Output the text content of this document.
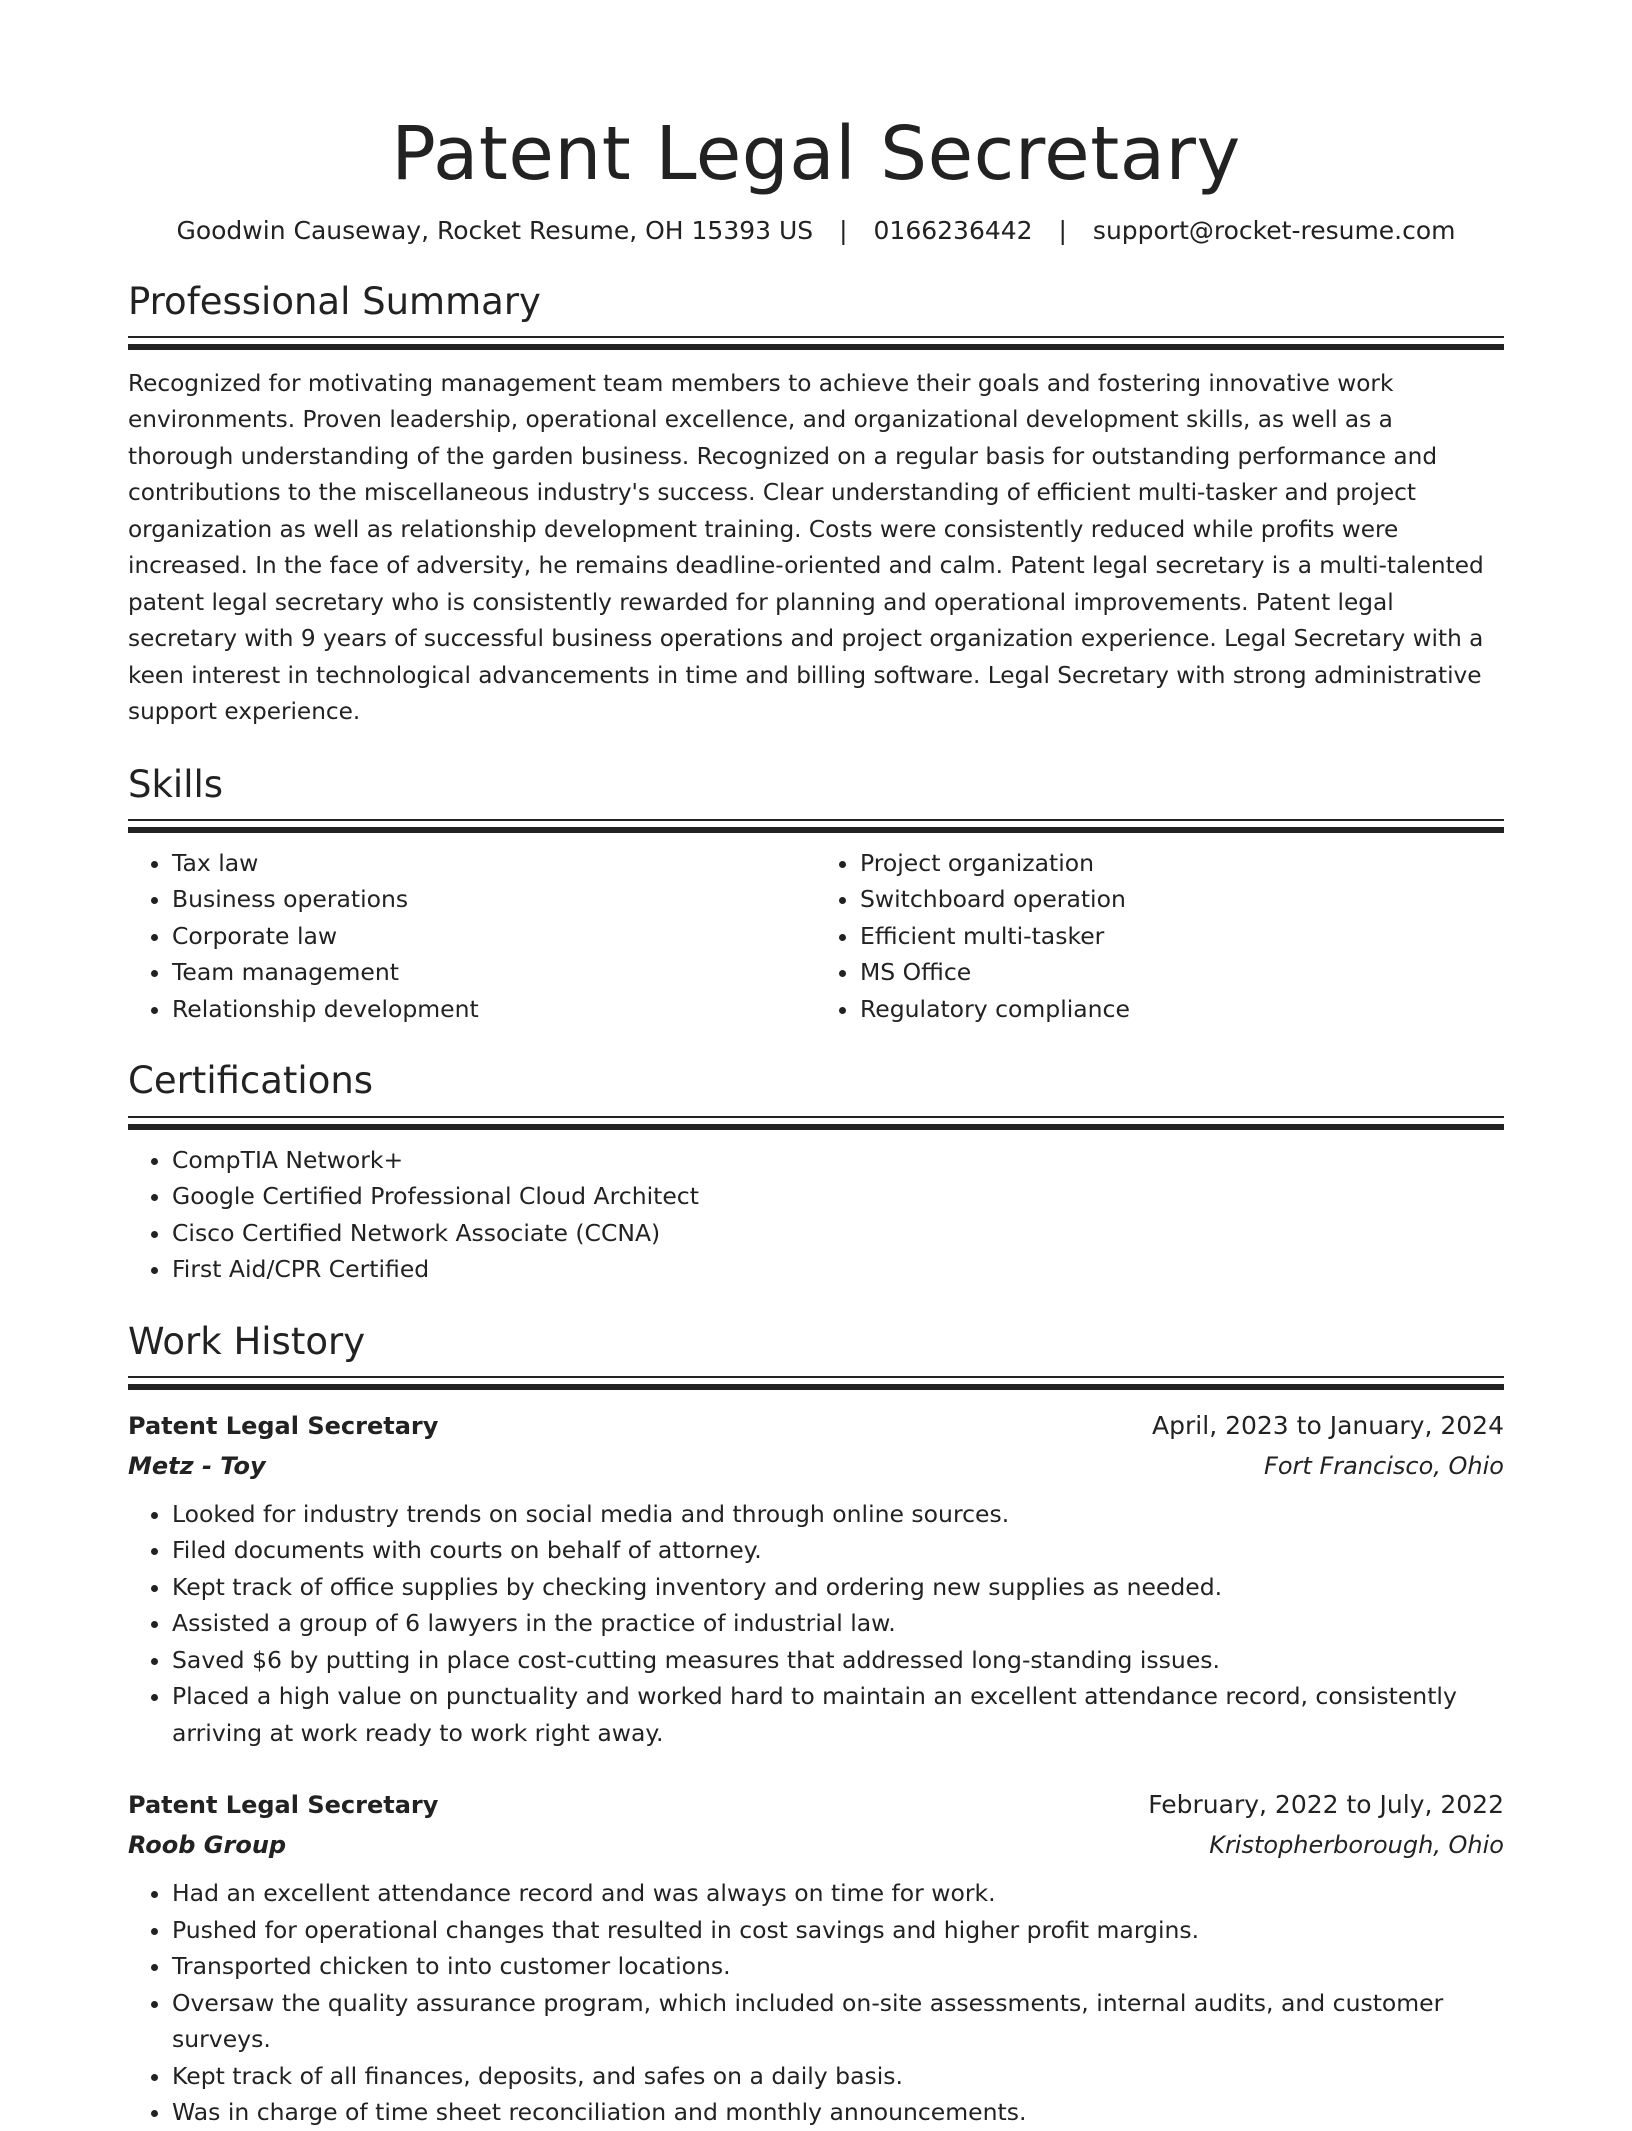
Patent Legal Secretary
Goodwin Causeway, Rocket Resume, OH 15393 US | 0166236442 | support@rocket-resume.com
Professional Summary
Recognized for motivating management team members to achieve their goals and fostering innovative work environments. Proven leadership, operational excellence, and organizational development skills, as well as a thorough understanding of the garden business. Recognized on a regular basis for outstanding performance and contributions to the miscellaneous industry's success. Clear understanding of efficient multi-tasker and project organization as well as relationship development training. Costs were consistently reduced while profits were increased. In the face of adversity, he remains deadline-oriented and calm. Patent legal secretary is a multi-talented patent legal secretary who is consistently rewarded for planning and operational improvements. Patent legal secretary with 9 years of successful business operations and project organization experience. Legal Secretary with a keen interest in technological advancements in time and billing software. Legal Secretary with strong administrative support experience.
Skills
• Tax law
• Business operations
• Corporate law
• Team management
• Relationship development
• Project organization
• Switchboard operation
• Efficient multi-tasker
• MS Office
• Regulatory compliance
Certifications
• CompTIA Network+
• Google Certified Professional Cloud Architect
• Cisco Certified Network Associate (CCNA)
• First Aid/CPR Certified
Work History
Patent Legal Secretary	April, 2023 to January, 2024
Metz - Toy	Fort Francisco, Ohio
• Looked for industry trends on social media and through online sources.
• Filed documents with courts on behalf of attorney.
• Kept track of office supplies by checking inventory and ordering new supplies as needed.
• Assisted a group of 6 lawyers in the practice of industrial law.
• Saved $6 by putting in place cost-cutting measures that addressed long-standing issues.
• Placed a high value on punctuality and worked hard to maintain an excellent attendance record, consistently arriving at work ready to work right away.
Patent Legal Secretary	February, 2022 to July, 2022
Roob Group	Kristopherborough, Ohio
• Had an excellent attendance record and was always on time for work.
• Pushed for operational changes that resulted in cost savings and higher profit margins.
• Transported chicken to into customer locations.
• Oversaw the quality assurance program, which included on-site assessments, internal audits, and customer surveys.
• Kept track of all finances, deposits, and safes on a daily basis.
• Was in charge of time sheet reconciliation and monthly announcements.
